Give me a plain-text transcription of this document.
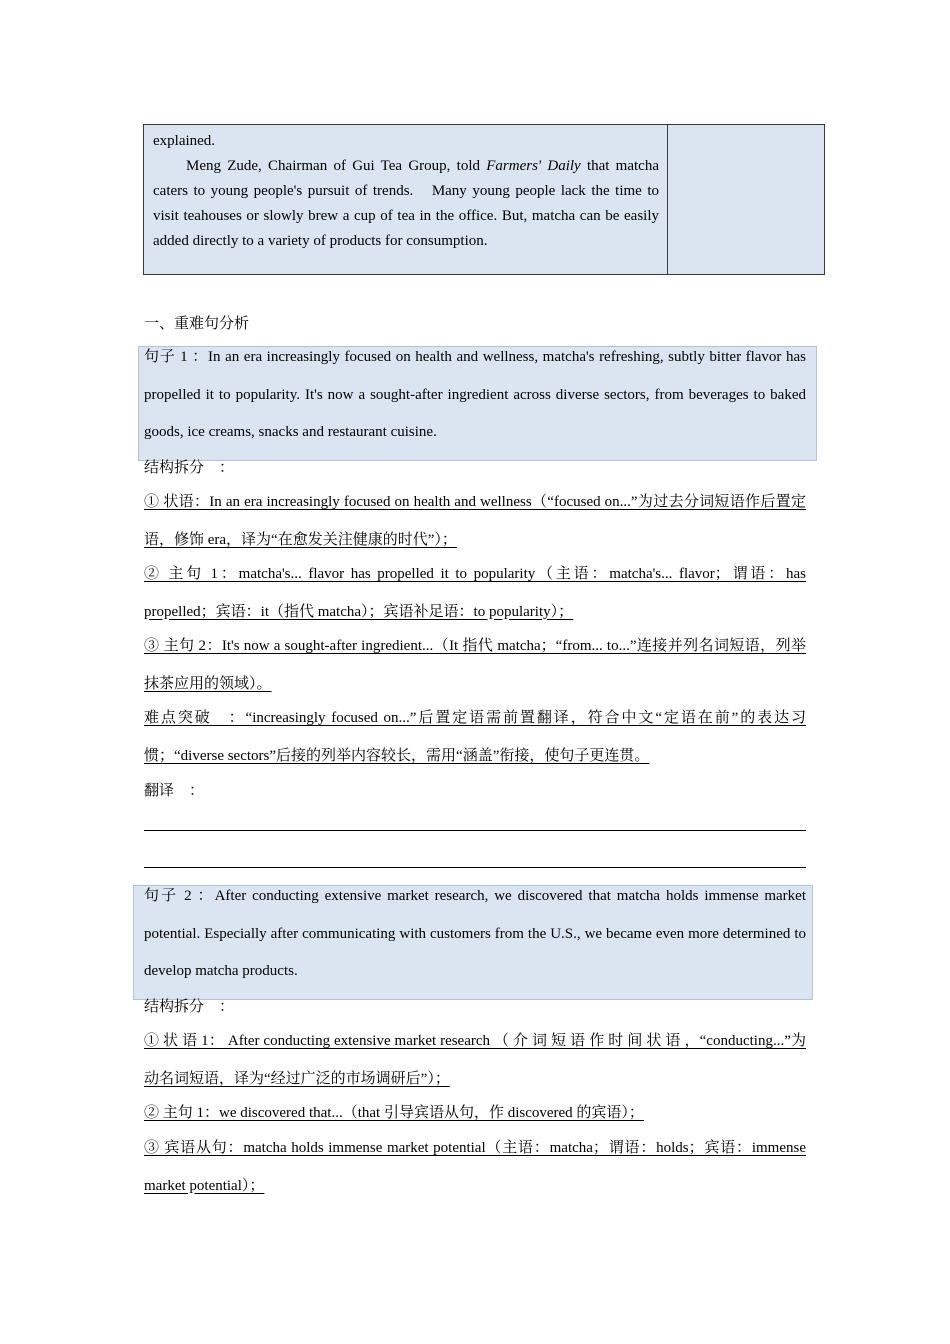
explained.

Meng Zude, Chairman of Gui Tea Group, told Farmers' Daily that matcha caters to young people's pursuit of trends.　Many young people lack the time to visit teahouses or slowly brew a cup of tea in the office. But, matcha can be easily added directly to a variety of products for consumption.

一、重难句分析

句子 1 ：In an era increasingly focused on health and wellness, matcha's refreshing, subtly bitter flavor has propelled it to popularity. It's now a sought-after ingredient across diverse sectors, from beverages to baked goods, ice creams, snacks and restaurant cuisine.

结构拆分　：

① 状语：In an era increasingly focused on health and wellness（“focused on...”为过去分词短语作后置定语，修饰 era，译为“在愈发关注健康的时代”）；

② 主句 1：matcha's... flavor has propelled it to popularity（主语：matcha's... flavor；谓语：has propelled；宾语：it（指代 matcha）；宾语补足语：to popularity）；

③ 主句 2：It's now a sought-after ingredient...（It 指代 matcha；“from... to...”连接并列名词短语，列举抹茶应用的领域）。

难点突破　：“increasingly focused on...”后置定语需前置翻译，符合中文“定语在前”的表达习惯；“diverse sectors”后接的列举内容较长，需用“涵盖”衔接，使句子更连贯。

翻译　：

句子 2 ：After conducting extensive market research, we discovered that matcha holds immense market potential. Especially after communicating with customers from the U.S., we became even more determined to develop matcha products.

结构拆分　：

① 状 语 1： After conducting extensive market research （ 介 词 短 语 作 时 间 状 语 ，“conducting...”为动名词短语，译为“经过广泛的市场调研后”）；

② 主句 1：we discovered that...（that 引导宾语从句，作 discovered 的宾语）；

③ 宾语从句：matcha holds immense market potential（主语：matcha；谓语：holds；宾语：immense market potential）；
